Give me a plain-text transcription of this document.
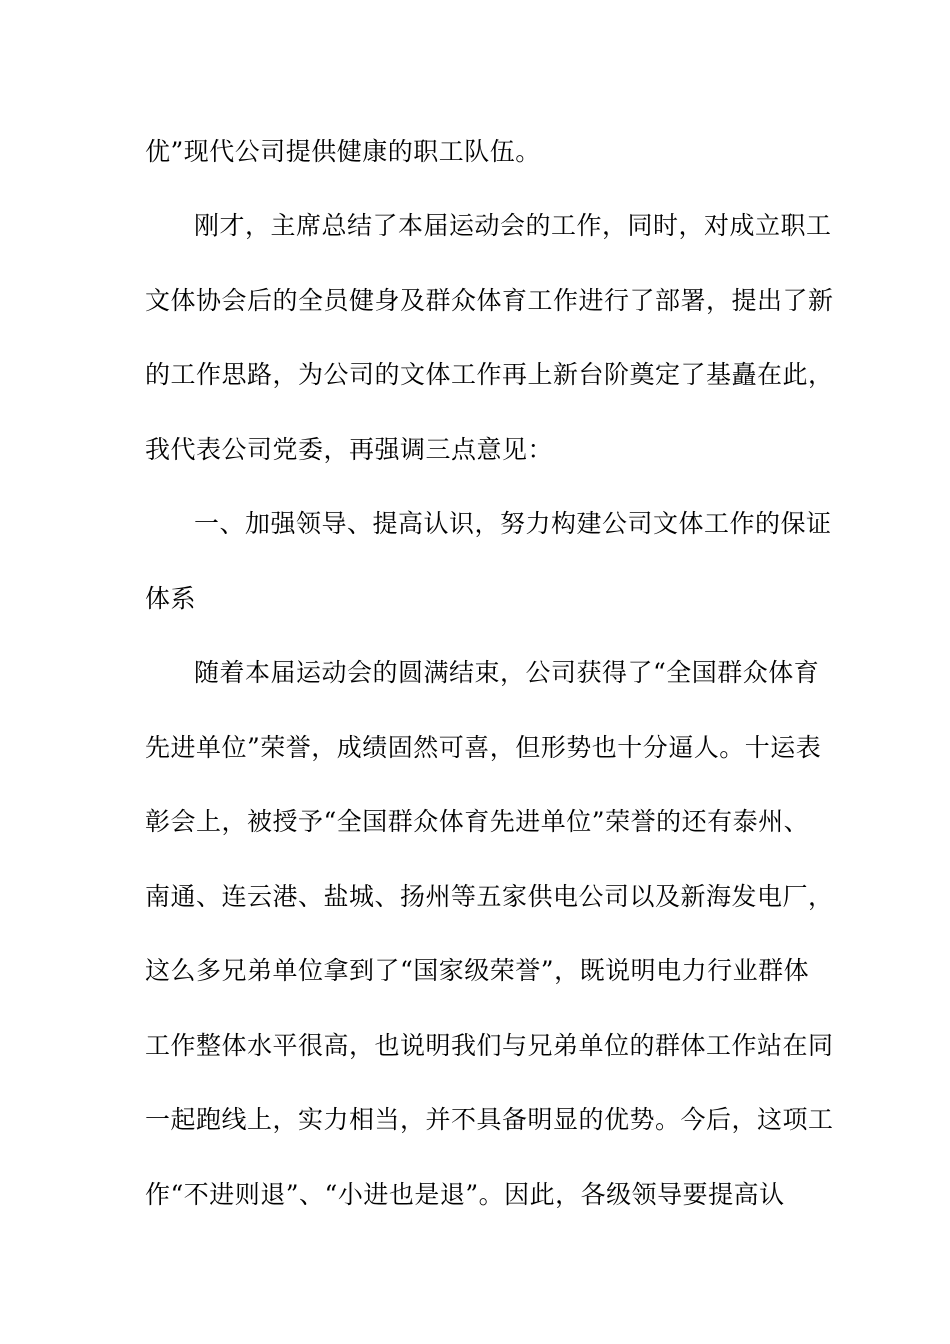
优”现代公司提供健康的职工队伍。
刚才，主席总结了本届运动会的工作，同时，对成立职工
文体协会后的全员健身及群众体育工作进行了部署，提出了新
的工作思路，为公司的文体工作再上新台阶奠定了基矗在此，
我代表公司党委，再强调三点意见：
一、加强领导、提高认识，努力构建公司文体工作的保证
体系
随着本届运动会的圆满结束，公司获得了“全国群众体育
先进单位”荣誉，成绩固然可喜，但形势也十分逼人。十运表
彰会上，被授予“全国群众体育先进单位”荣誉的还有泰州、
南通、连云港、盐城、扬州等五家供电公司以及新海发电厂，
这么多兄弟单位拿到了“国家级荣誉”，既说明电力行业群体
工作整体水平很高，也说明我们与兄弟单位的群体工作站在同
一起跑线上，实力相当，并不具备明显的优势。今后，这项工
作“不进则退”、“小进也是退”。因此，各级领导要提高认
